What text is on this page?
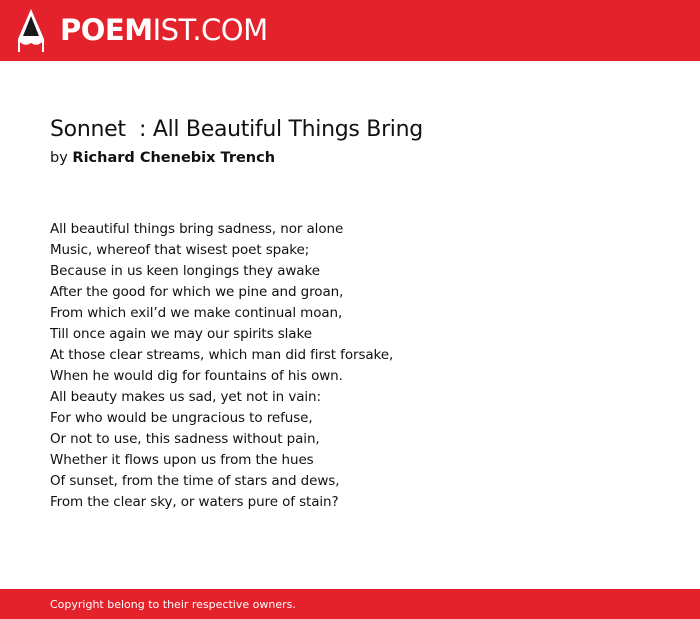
POEMIST.COM
Sonnet  : All Beautiful Things Bring
by Richard Chenebix Trench
All beautiful things bring sadness, nor alone
Music, whereof that wisest poet spake;
Because in us keen longings they awake
After the good for which we pine and groan,
From which exil’d we make continual moan,
Till once again we may our spirits slake
At those clear streams, which man did first forsake,
When he would dig for fountains of his own.
All beauty makes us sad, yet not in vain:
For who would be ungracious to refuse,
Or not to use, this sadness without pain,
Whether it flows upon us from the hues
Of sunset, from the time of stars and dews,
From the clear sky, or waters pure of stain?
Copyright belong to their respective owners.
